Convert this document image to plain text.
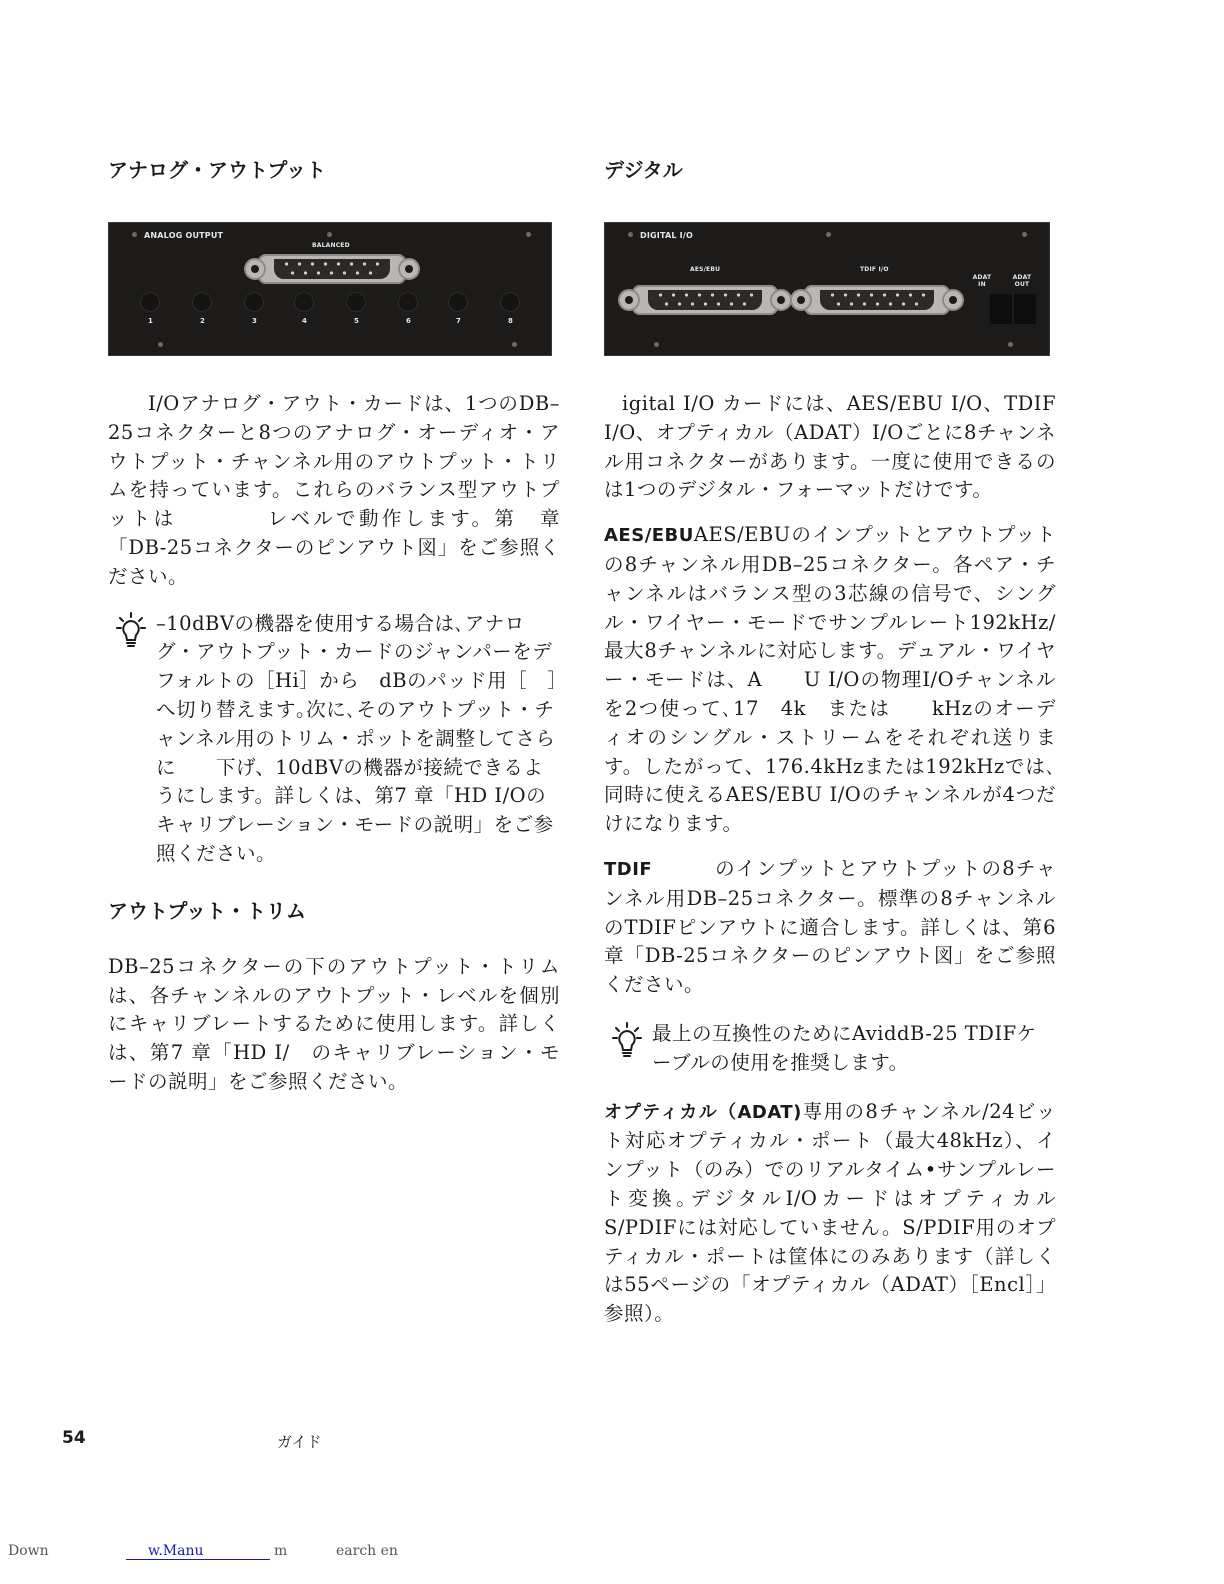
アナログ・アウトプット
ANALOG OUTPUT
BALANCED
1	2	3	4	5	6	7	8

I/Oアナログ・アウト・カードは、1つのDB–25コネクターと8つのアナログ・オーディオ・アウトプット・チャンネル用のアウトプット・トリムを持っています。これらのバランス型アウトプットは　　　　レベルで動作します。第　章「DB-25コネクターのピンアウト図」をご参照ください。

–10dBVの機器を使用する場合は､アナログ・アウトプット・カードのジャンパーをデフォルトの［Hi］から　dBのパッド用［　］へ切り替えます｡次に､そのアウトプット・チャンネル用のトリム・ポットを調整してさらに　　下げ、10dBVの機器が接続できるようにします。詳しくは、第7 章「HD I/Oのキャリブレーション・モードの説明」をご参照ください。

アウトプット・トリム

DB–25コネクターの下のアウトプット・トリムは、各チャンネルのアウトプット・レベルを個別にキャリブレートするために使用します。詳しくは、第7 章「HD I/　のキャリブレーション・モードの説明」をご参照ください。

デジタル
DIGITAL I/O
AES/EBU	TDIF I/O
ADAT IN
ADAT OUT

igital I/O カードには、AES/EBU I/O、TDIF I/O、オプティカル（ADAT）I/Oごとに8チャンネル用コネクターがあります。一度に使用できるのは1つのデジタル・フォーマットだけです。

AES/EBUAES/EBUのインプットとアウトプットの8チャンネル用DB–25コネクター。各ペア・チャンネルはバランス型の3芯線の信号で、シングル・ワイヤー・モードでサンプルレート192kHz/最大8チャンネルに対応します。デュアル・ワイヤー・モードは、A　　U I/Oの物理I/Oチャンネルを2つ使って､17　4k　または　　kHzのオーディオのシングル・ストリームをそれぞれ送ります。したがって、176.4kHzまたは192kHzでは､同時に使えるAES/EBU I/Oのチャンネルが4つだけになります。

TDIF　　　のインプットとアウトプットの8チャンネル用DB–25コネクター。標準の8チャンネルのTDIFピンアウトに適合します。詳しくは、第6 章「DB-25コネクターのピンアウト図」をご参照ください。

最上の互換性のためにAviddB-25 TDIFケーブルの使用を推奨します。

オプティカル（ADAT)専用の8チャンネル/24ビット対応オプティカル・ポート（最大48kHz）、インプット（のみ）でのリアルタイム•サンプルレート変換｡デジタルI/Oカードはオプティカル S/PDIFには対応していません。S/PDIF用のオプティカル・ポートは筐体にのみあります（詳しくは55ページの「オプティカル（ADAT）［Encl］」参照）。

54	ガイド
Down	w.Manu	m	earch en
